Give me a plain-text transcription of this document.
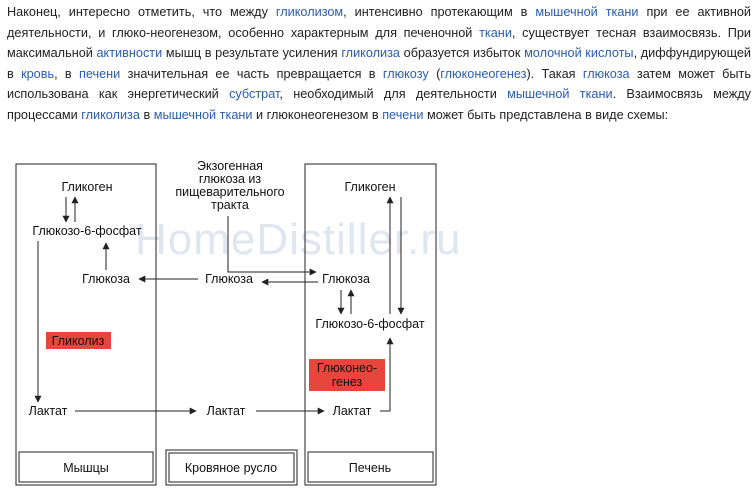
Наконец, интересно отметить, что между гликолизом, интенсивно протекающим в мышечной ткани при ее активной деятельности, и глюко-неогенезом, особенно характерным для печеночной ткани, существует тесная взаимосвязь. При максимальной активности мышц в результате усиления гликолиза образуется избыток молочной кислоты, диффундирующей в кровь, в печени значительная ее часть превращается в глюкозу (глюконеогенез). Такая глюкоза затем может быть использована как энергетический субстрат, необходимый для деятельности мышечной ткани. Взаимосвязь между процессами гликолиза в мышечной ткани и глюконеогенезом в печени может быть представлена в виде схемы:

HomeDistiller.ru
Гликоген
Глюкозо-6-фосфат
Глюкоза
Гликолиз
Лактат
Мышцы
Экзогенная
глюкоза из
пищеварительного
тракта
Глюкоза
Лактат
Кровяное русло
Гликоген
Глюкоза
Глюкозо-6-фосфат
Глюконео-
генез
Лактат
Печень
